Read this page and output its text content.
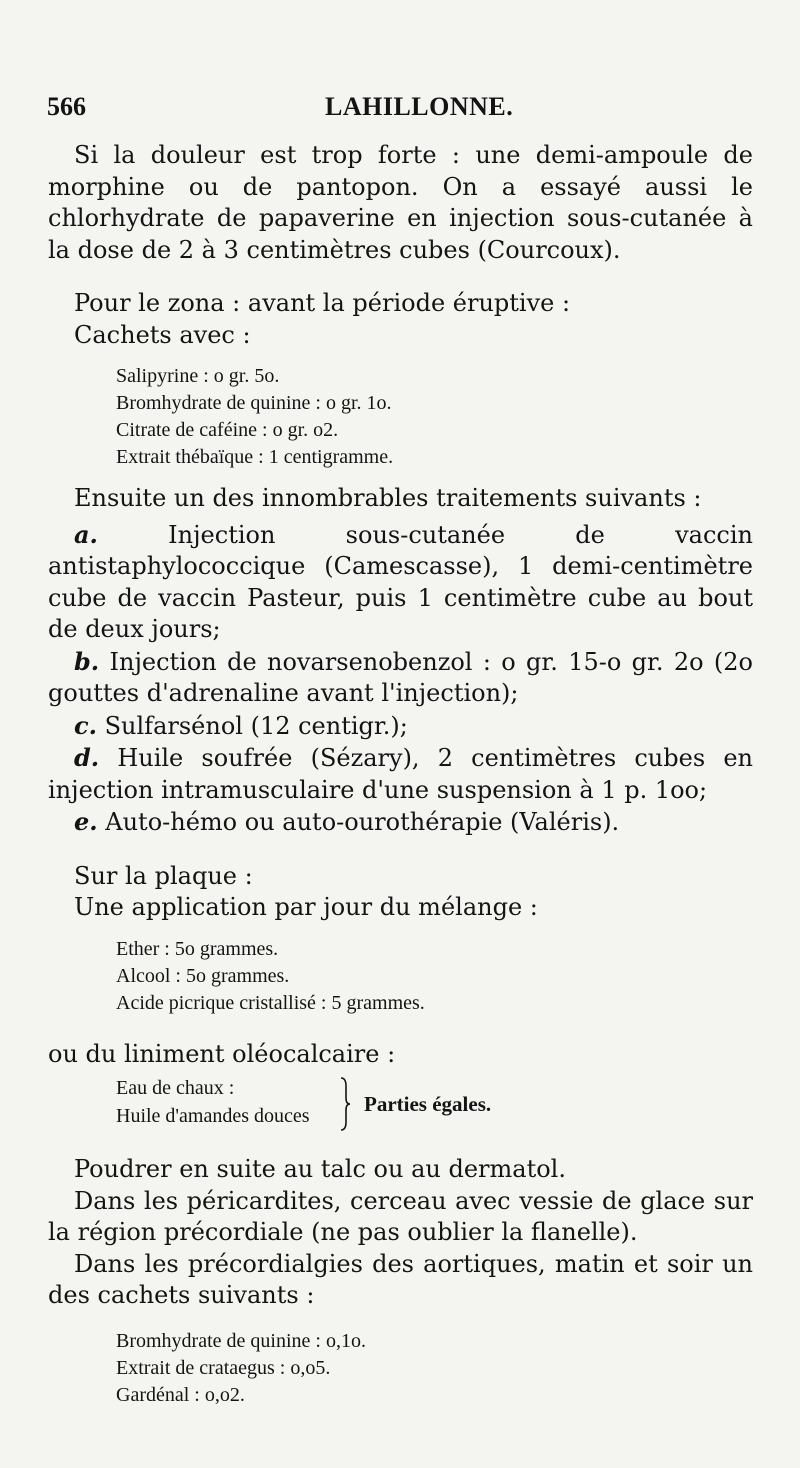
566	LAHILLONNE.

Si la douleur est trop forte : une demi-ampoule de morphine ou de pantopon. On a essayé aussi le chlorhydrate de papaverine en injection sous-cutanée à la dose de 2 à 3 centimètres cubes (Courcoux).

Pour le zona : avant la période éruptive :

Cachets avec :

Salipyrine : o gr. 5o.

Bromhydrate de quinine : o gr. 1o.

Citrate de caféine : o gr. o2.

Extrait thébaïque : 1 centigramme.

Ensuite un des innombrables traitements suivants :

a.	Injection sous-cutanée de vaccin antistaphylococcique (Camescasse), 1 demi-centimètre cube de vaccin Pasteur, puis 1 centimètre cube au bout de deux jours;

b. Injection de novarsenobenzol : o gr. 15-o gr. 2o (2o gouttes d'adrenaline avant l'injection);

c. Sulfarsénol (12 centigr.);

d. Huile soufrée (Sézary), 2 centimètres cubes en injection intramusculaire d'une suspension à 1 p. 1oo;

e. Auto-hémo ou auto-ourothérapie (Valéris).

Sur la plaque :

Une application par jour du mélange :

Ether : 5o grammes.

Alcool : 5o grammes.

Acide picrique cristallisé : 5 grammes.

ou du liniment oléocalcaire :

Eau de chaux :
Huile d'amandes douces	Parties égales.

Poudrer en suite au talc ou au dermatol.

Dans les péricardites, cerceau avec vessie de glace sur la région précordiale (ne pas oublier la flanelle).

Dans les précordialgies des aortiques, matin et soir un des cachets suivants :

Bromhydrate de quinine : o,1o.

Extrait de crataegus : o,o5.

Gardénal : o,o2.
